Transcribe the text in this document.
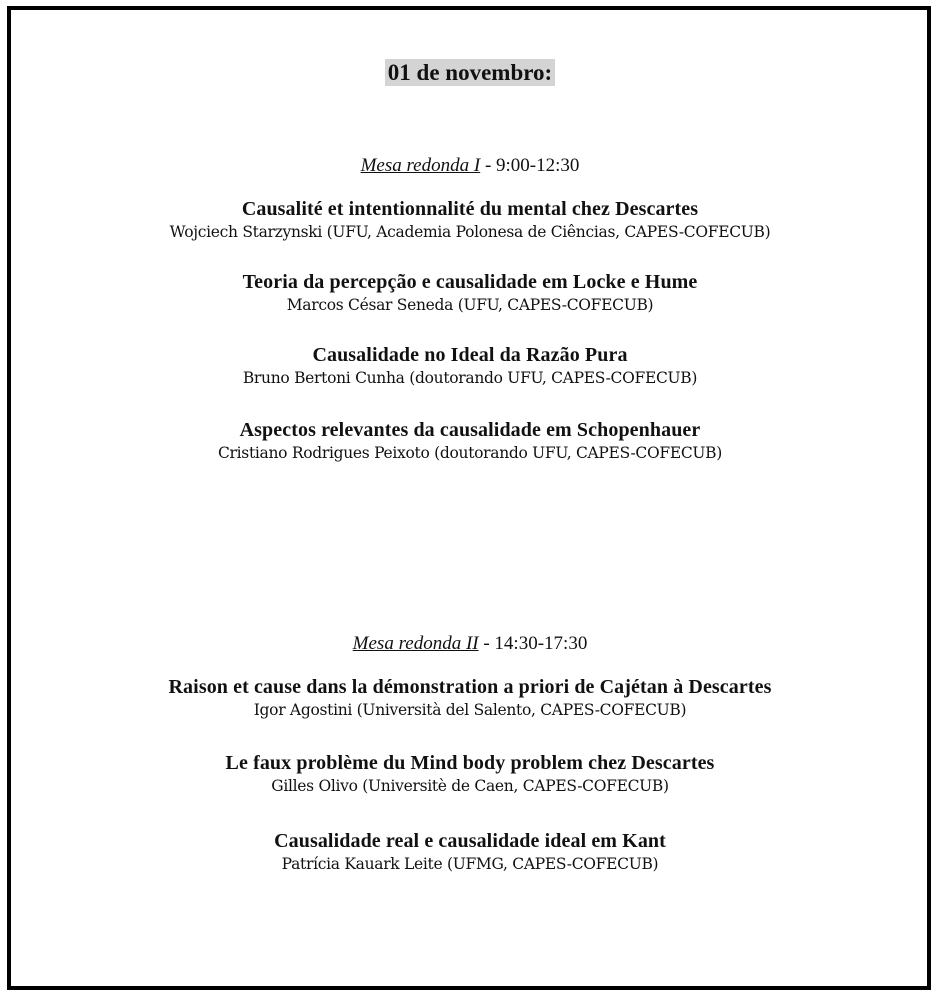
01 de novembro:
Mesa redonda I - 9:00-12:30
Causalité et intentionnalité du mental chez Descartes
Wojciech Starzynski (UFU, Academia Polonesa de Ciências, CAPES-COFECUB)
Teoria da percepção e causalidade em Locke e Hume
Marcos César Seneda (UFU, CAPES-COFECUB)
Causalidade no Ideal da Razão Pura
Bruno Bertoni Cunha (doutorando UFU, CAPES-COFECUB)
Aspectos relevantes da causalidade em Schopenhauer
Cristiano Rodrigues Peixoto (doutorando UFU, CAPES-COFECUB)
Mesa redonda II - 14:30-17:30
Raison et cause dans la démonstration a priori de Cajétan à Descartes
Igor Agostini (Università del Salento, CAPES-COFECUB)
Le faux problème du Mind body problem chez Descartes
Gilles Olivo (Universitè de Caen, CAPES-COFECUB)
Causalidade real e causalidade ideal em Kant
Patrícia Kauark Leite (UFMG, CAPES-COFECUB)
